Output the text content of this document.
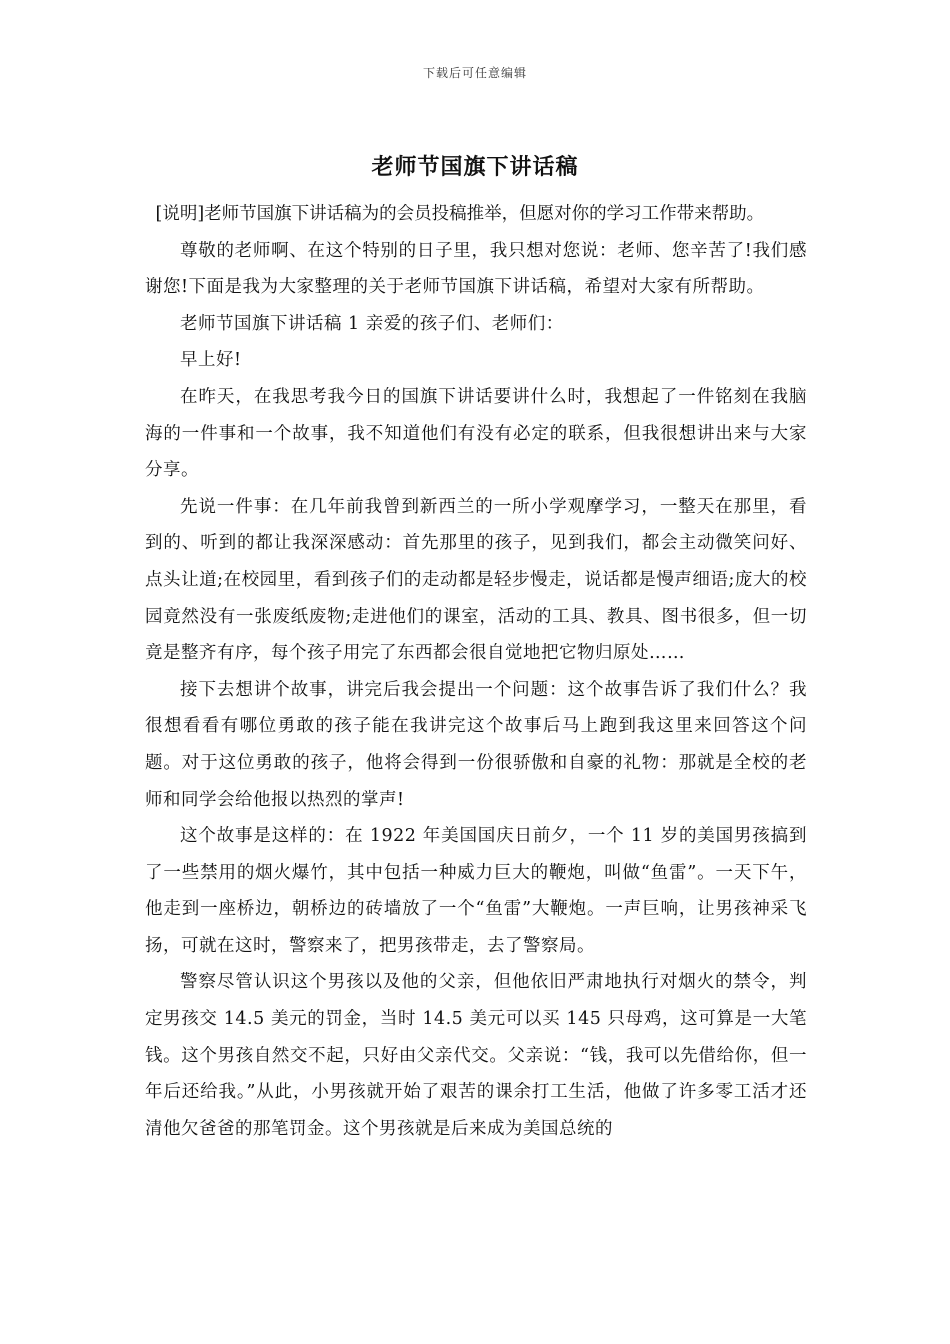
下载后可任意编辑
老师节国旗下讲话稿

[说明]老师节国旗下讲话稿为的会员投稿推举，但愿对你的学习工作带来帮助。

尊敬的老师啊、在这个特别的日子里，我只想对您说：老师、您辛苦了!我们感谢您!下面是我为大家整理的关于老师节国旗下讲话稿，希望对大家有所帮助。

老师节国旗下讲话稿 1 亲爱的孩子们、老师们：

早上好!

在昨天，在我思考我今日的国旗下讲话要讲什么时，我想起了一件铭刻在我脑海的一件事和一个故事，我不知道他们有没有必定的联系，但我很想讲出来与大家分享。

先说一件事：在几年前我曾到新西兰的一所小学观摩学习，一整天在那里，看到的、听到的都让我深深感动：首先那里的孩子，见到我们，都会主动微笑问好、点头让道;在校园里，看到孩子们的走动都是轻步慢走，说话都是慢声细语;庞大的校园竟然没有一张废纸废物;走进他们的课室，活动的工具、教具、图书很多，但一切竟是整齐有序，每个孩子用完了东西都会很自觉地把它物归原处……

接下去想讲个故事，讲完后我会提出一个问题：这个故事告诉了我们什么？我很想看看有哪位勇敢的孩子能在我讲完这个故事后马上跑到我这里来回答这个问题。对于这位勇敢的孩子，他将会得到一份很骄傲和自豪的礼物：那就是全校的老师和同学会给他报以热烈的掌声!

这个故事是这样的：在 1922 年美国国庆日前夕，一个 11 岁的美国男孩搞到了一些禁用的烟火爆竹，其中包括一种威力巨大的鞭炮，叫做“鱼雷”。一天下午，他走到一座桥边，朝桥边的砖墙放了一个“鱼雷”大鞭炮。一声巨响，让男孩神采飞扬，可就在这时，警察来了，把男孩带走，去了警察局。

警察尽管认识这个男孩以及他的父亲，但他依旧严肃地执行对烟火的禁令，判定男孩交 14.5 美元的罚金，当时 14.5 美元可以买 145 只母鸡，这可算是一大笔钱。这个男孩自然交不起，只好由父亲代交。父亲说：“钱，我可以先借给你，但一年后还给我。”从此，小男孩就开始了艰苦的课余打工生活，他做了许多零工活才还清他欠爸爸的那笔罚金。这个男孩就是后来成为美国总统的
